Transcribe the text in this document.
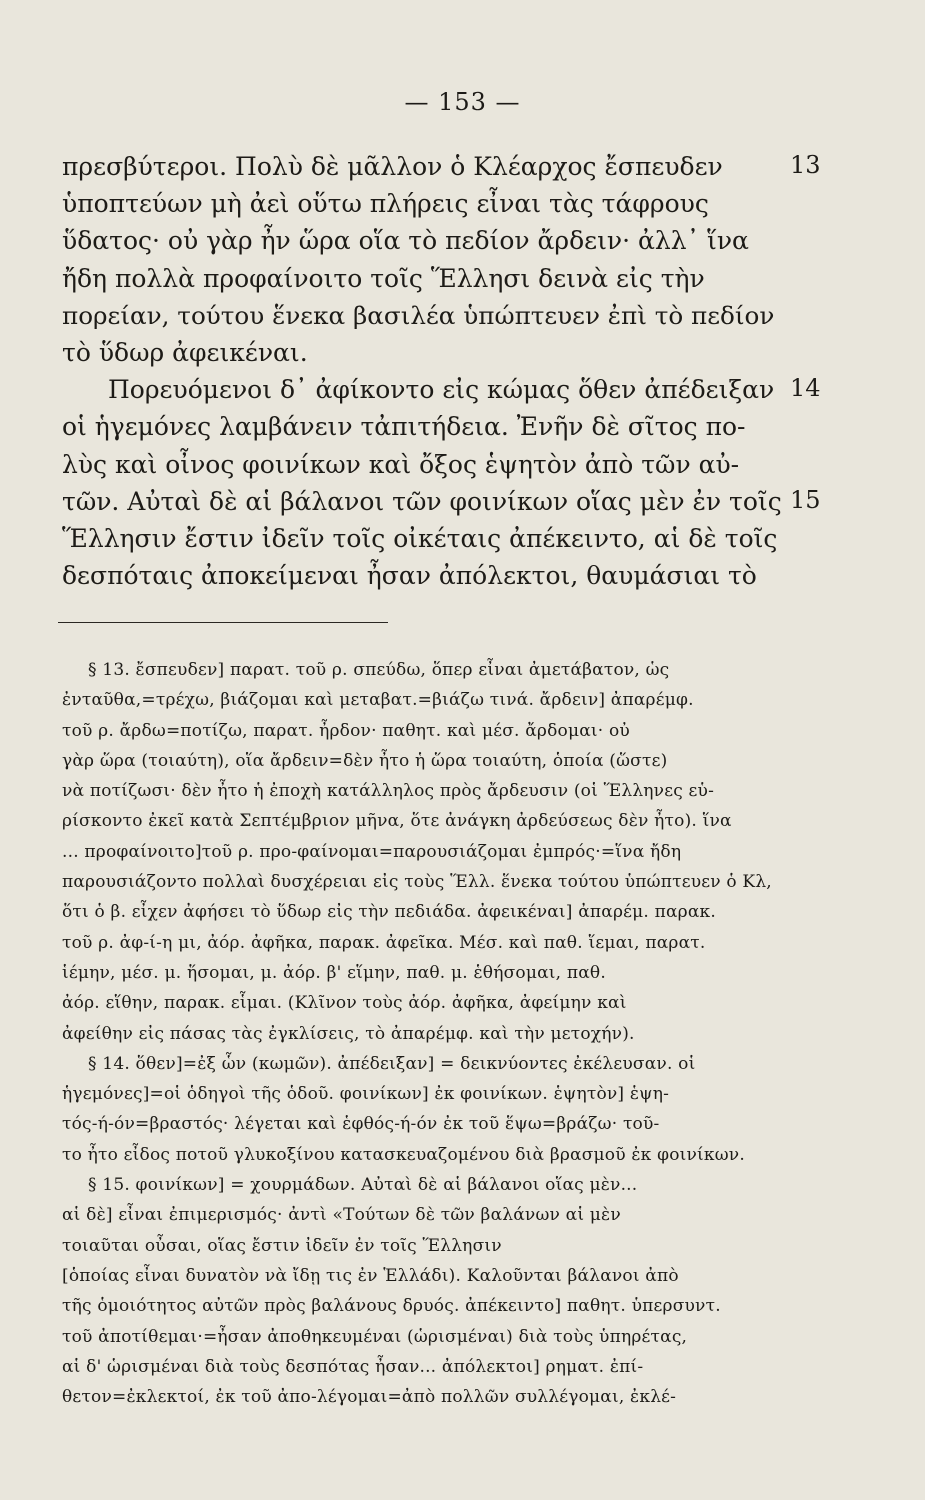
— 153 —
πρεσβύτεροι. Πολὺ δὲ μᾶλλον ὁ Κλέαρχος ἔσπευδεν
ὑποπτεύων μὴ ἀεὶ οὕτω πλήρεις εἶναι τὰς τάφρους
ὕδατος· οὐ γὰρ ἦν ὥρα οἵα τὸ πεδίον ἄρδειν· ἀλλ᾽ ἵνα
ἤδη πολλὰ προφαίνοιτο τοῖς Ἕλλησι δεινὰ εἰς τὴν
πορείαν, τούτου ἕνεκα βασιλέα ὑπώπτευεν ἐπὶ τὸ πεδίον
τὸ ὕδωρ ἀφεικέναι.
Πορευόμενοι δ᾽ ἀφίκοντο εἰς κώμας ὅθεν ἀπέδειξαν
οἱ ἡγεμόνες λαμβάνειν τἀπιτήδεια. Ἐνῆν δὲ σῖτος πο-
λὺς καὶ οἶνος φοινίκων καὶ ὄξος ἑψητὸν ἀπὸ τῶν αὐ-
τῶν. Αὐταὶ δὲ αἱ βάλανοι τῶν φοινίκων οἵας μὲν ἐν τοῖς
Ἕλλησιν ἔστιν ἰδεῖν τοῖς οἰκέταις ἀπέκειντο, αἱ δὲ τοῖς
δεσπόταις ἀποκείμεναι ἦσαν ἀπόλεκτοι, θαυμάσιαι τὸ
13
14
15
§ 13. ἔσπευδεν] παρατ. τοῦ ρ. σπεύδω, ὅπερ εἶναι ἀμετάβατον, ὡς
ἐνταῦθα,=τρέχω, βιάζομαι καὶ μεταβατ.=βιάζω τινά. ἄρδειν] ἀπαρέμφ.
τοῦ ρ. ἄρδω=ποτίζω, παρατ. ἦρδον· παθητ. καὶ μέσ. ἄρδομαι· οὐ
γὰρ ὥρα (τοιαύτη), οἵα ἄρδειν=δὲν ἦτο ἡ ὥρα τοιαύτη, ὁποία (ὥστε)
νὰ ποτίζωσι· δὲν ἦτο ἡ ἐποχὴ κατάλληλος πρὸς ἄρδευσιν (οἱ Ἕλληνες εὑ-
ρίσκοντο ἐκεῖ κατὰ Σεπτέμβριον μῆνα, ὅτε ἀνάγκη ἀρδεύσεως δὲν ἦτο). ἵνα
... προφαίνοιτο]τοῦ ρ. προ-φαίνομαι=παρουσιάζομαι ἐμπρός·=ἵνα ἤδη
παρουσιάζοντο πολλαὶ δυσχέρειαι εἰς τοὺς Ἕλλ. ἕνεκα τούτου ὑπώπτευεν ὁ Κλ,
ὅτι ὁ β. εἶχεν ἀφήσει τὸ ὕδωρ εἰς τὴν πεδιάδα. ἀφεικέναι] ἀπαρέμ. παρακ.
τοῦ ρ. ἀφ-ί-η μι, ἀόρ. ἀφῆκα, παρακ. ἀφεῖκα. Μέσ. καὶ παθ. ἵεμαι, παρατ.
ἱέμην, μέσ. μ. ἥσομαι, μ. ἀόρ. β' εἵμην, παθ. μ. ἑθήσομαι, παθ.
ἀόρ. εἵθην, παρακ. εἷμαι. (Κλῖνον τοὺς ἀόρ. ἀφῆκα, ἀφείμην καὶ
ἀφείθην εἰς πάσας τὰς ἐγκλίσεις, τὸ ἀπαρέμφ. καὶ τὴν μετοχήν).
§ 14. ὅθεν]=ἐξ ὧν (κωμῶν). ἀπέδειξαν] = δεικνύοντες ἐκέλευσαν. οἱ
ἡγεμόνες]=οἱ ὁδηγοὶ τῆς ὁδοῦ. φοινίκων] ἐκ φοινίκων. ἑψητὸν] ἑψη-
τός-ή-όν=βραστός· λέγεται καὶ ἑφθός-ή-όν ἐκ τοῦ ἕψω=βράζω· τοῦ-
το ἦτο εἶδος ποτοῦ γλυκοξίνου κατασκευαζομένου διὰ βρασμοῦ ἐκ φοινίκων.
§ 15. φοινίκων] = χουρμάδων. Αὐταὶ δὲ αἱ βάλανοι οἵας μὲν...
αἱ δὲ] εἶναι ἐπιμερισμός· ἀντὶ «Τούτων δὲ τῶν βαλάνων αἱ μὲν
τοιαῦται οὖσαι, οἵας ἔστιν ἰδεῖν ἐν τοῖς Ἕλλησιν
[ὁποίας εἶναι δυνατὸν νὰ ἴδῃ τις ἐν Ἑλλάδι). Καλοῦνται βάλανοι ἀπὸ
τῆς ὁμοιότητος αὐτῶν πρὸς βαλάνους δρυός. ἀπέκειντο] παθητ. ὑπερσυντ.
τοῦ ἀποτίθεμαι·=ἦσαν ἀποθηκευμέναι (ὡρισμέναι) διὰ τοὺς ὑπηρέτας,
αἱ δ' ὡρισμέναι διὰ τοὺς δεσπότας ἦσαν... ἀπόλεκτοι] ρηματ. ἐπί-
θετον=ἐκλεκτοί, ἐκ τοῦ ἀπο-λέγομαι=ἀπὸ πολλῶν συλλέγομαι, ἐκλέ-
